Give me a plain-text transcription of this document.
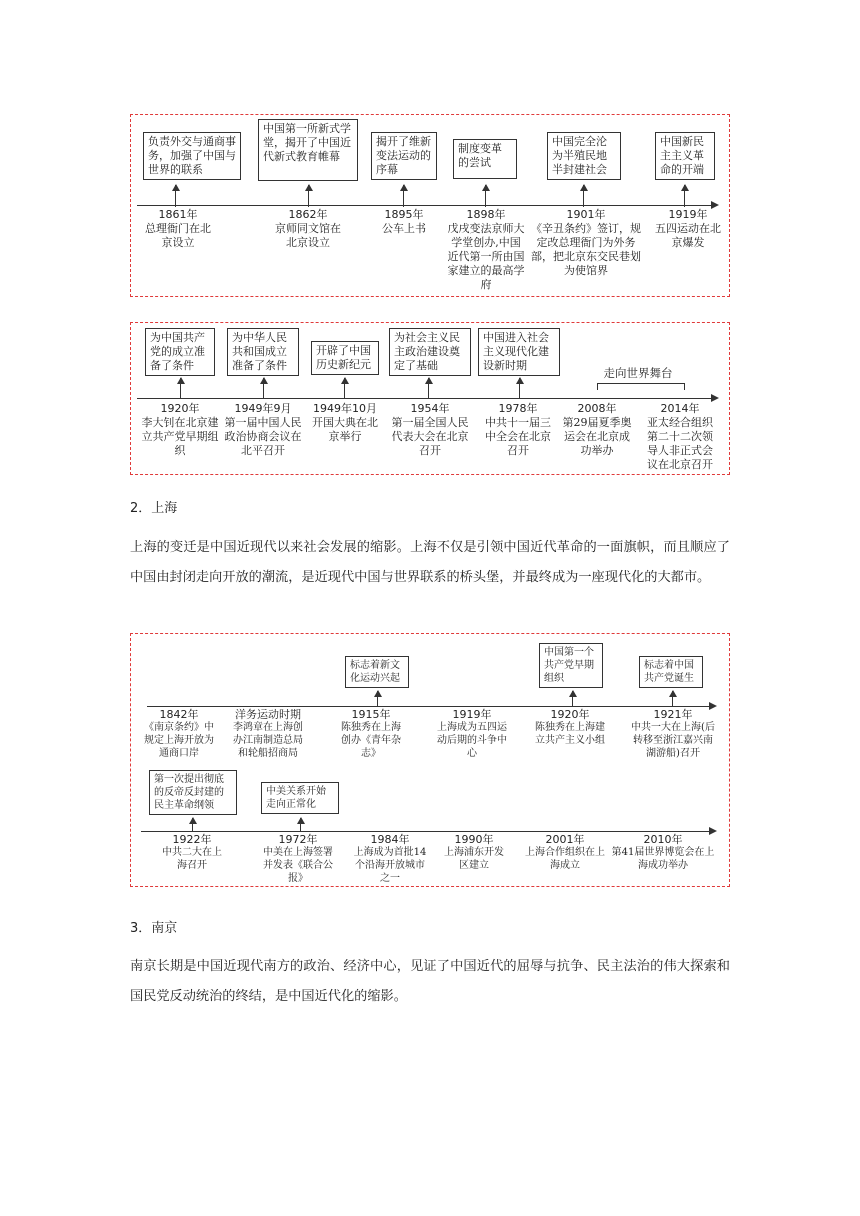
负责外交与通商事务，加强了中国与世界的联系
中国第一所新式学堂，揭开了中国近代新式教育帷幕
揭开了维新变法运动的序幕
制度变革的尝试
中国完全沦为半殖民地半封建社会
中国新民主主义革命的开端
1861年
总理衙门在北京设立
1862年
京师同文馆在北京设立
1895年
公车上书
1898年
戊戌变法京师大学堂创办,中国近代第一所由国家建立的最高学府
1901年
《辛丑条约》签订，规定改总理衙门为外务部，把北京东交民巷划为使馆界
1919年
五四运动在北京爆发
为中国共产党的成立准备了条件
为中华人民共和国成立准备了条件
开辟了中国历史新纪元
为社会主义民主政治建设奠定了基础
中国进入社会主义现代化建设新时期
走向世界舞台
1920年
李大钊在北京建立共产党早期组织
1949年9月
第一届中国人民政治协商会议在北平召开
1949年10月
开国大典在北京举行
1954年
第一届全国人民代表大会在北京召开
1978年
中共十一届三中全会在北京召开
2008年
第29届夏季奥运会在北京成功举办
2014年
亚太经合组织第二十二次领导人非正式会议在北京召开
2．上海
上海的变迁是中国近现代以来社会发展的缩影。上海不仅是引领中国近代革命的一面旗帜，而且顺应了中国由封闭走向开放的潮流，是近现代中国与世界联系的桥头堡，并最终成为一座现代化的大都市。
标志着新文化运动兴起
中国第一个共产党早期组织
标志着中国共产党诞生
1842年
《南京条约》中规定上海开放为通商口岸
洋务运动时期
李鸿章在上海创办江南制造总局和轮船招商局
1915年
陈独秀在上海创办《青年杂志》
1919年
上海成为五四运动后期的斗争中心
1920年
陈独秀在上海建立共产主义小组
1921年
中共一大在上海(后转移至浙江嘉兴南湖游船)召开
第一次提出彻底的反帝反封建的民主革命纲领
中美关系开始走向正常化
1922年
中共二大在上海召开
1972年
中美在上海签署并发表《联合公报》
1984年
上海成为首批14个沿海开放城市之一
1990年
上海浦东开发区建立
2001年
上海合作组织在上海成立
2010年
第41届世界博览会在上海成功举办
3．南京
南京长期是中国近现代南方的政治、经济中心，见证了中国近代的屈辱与抗争、民主法治的伟大探索和国民党反动统治的终结，是中国近代化的缩影。
